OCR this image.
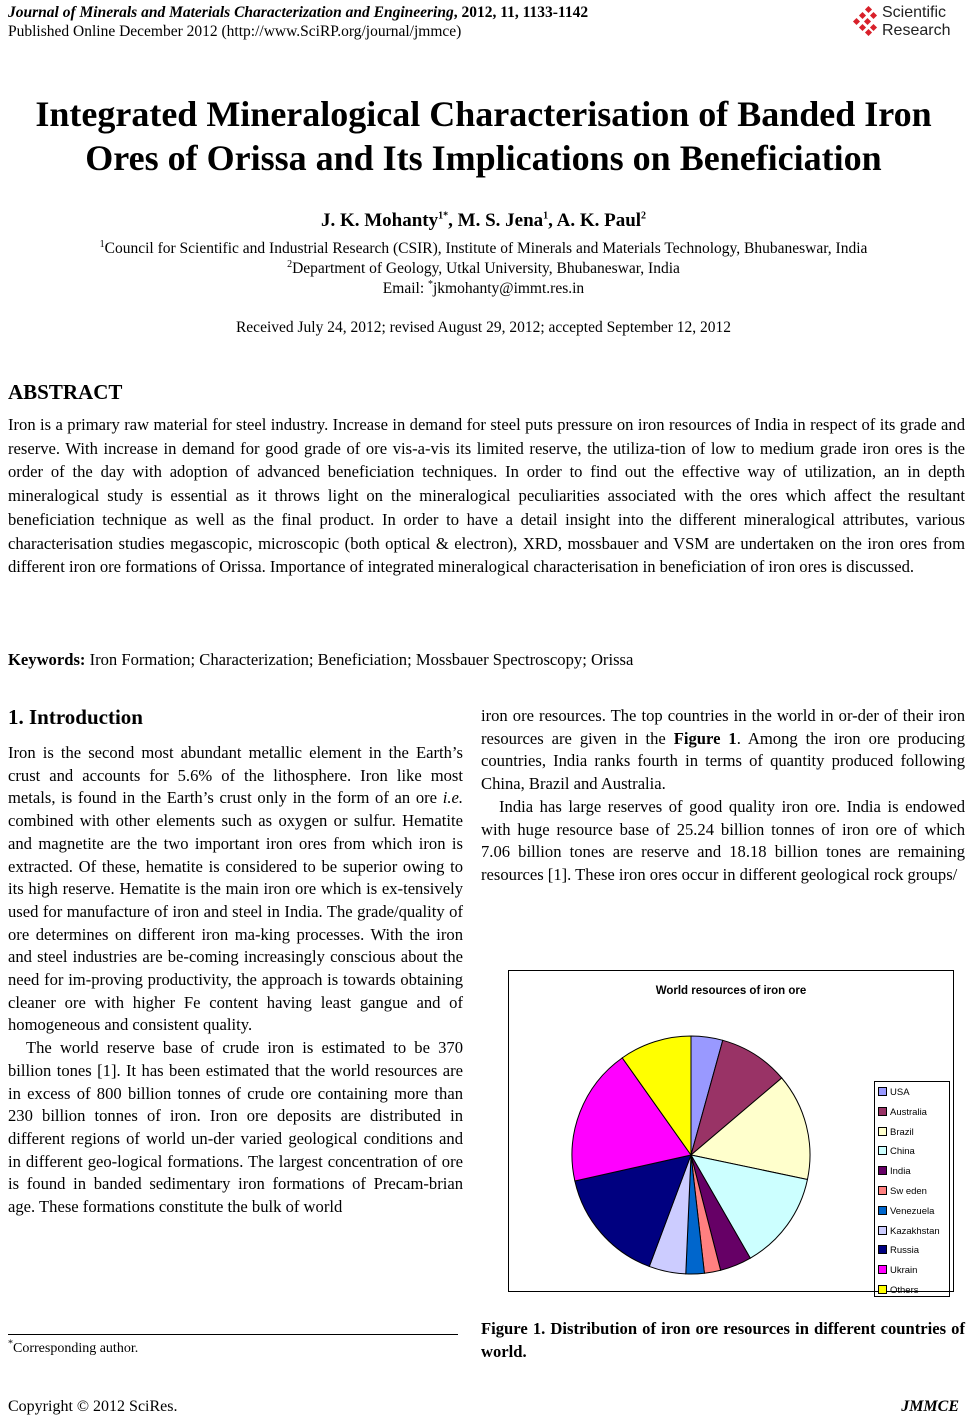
Journal of Minerals and Materials Characterization and Engineering, 2012, 11, 1133-1142
Published Online December 2012 (http://www.SciRP.org/journal/jmmce)
Scientific
Research
Integrated Mineralogical Characterisation of Banded Iron Ores of Orissa and Its Implications on Beneficiation
J. K. Mohanty$^{1*}$, M. S. Jena$^1$, A. K. Paul$^2$
$^1$Council for Scientific and Industrial Research (CSIR), Institute of Minerals and Materials Technology, Bhubaneswar, India
$^2$Department of Geology, Utkal University, Bhubaneswar, India
Email: *jkmohanty@immt.res.in
Received July 24, 2012; revised August 29, 2012; accepted September 12, 2012
ABSTRACT
Iron is a primary raw material for steel industry. Increase in demand for steel puts pressure on iron resources of India in respect of its grade and reserve. With increase in demand for good grade of ore vis-a-vis its limited reserve, the utiliza-tion of low to medium grade iron ores is the order of the day with adoption of advanced beneficiation techniques. In order to find out the effective way of utilization, an in depth mineralogical study is essential as it throws light on the mineralogical peculiarities associated with the ores which affect the resultant beneficiation technique as well as the final product. In order to have a detail insight into the different mineralogical attributes, various characterisation studies megascopic, microscopic (both optical & electron), XRD, mossbauer and VSM are undertaken on the iron ores from different iron ore formations of Orissa. Importance of integrated mineralogical characterisation in beneficiation of iron ores is discussed.
Keywords: Iron Formation; Characterization; Beneficiation; Mossbauer Spectroscopy; Orissa
1. Introduction
Iron is the second most abundant metallic element in the Earth’s crust and accounts for 5.6% of the lithosphere. Iron like most metals, is found in the Earth’s crust only in the form of an ore i.e. combined with other elements such as oxygen or sulfur. Hematite and magnetite are the two important iron ores from which iron is extracted. Of these, hematite is considered to be superior owing to its high reserve. Hematite is the main iron ore which is ex-tensively used for manufacture of iron and steel in India. The grade/quality of ore determines on different iron ma-king processes. With the iron and steel industries are be-coming increasingly conscious about the need for im-proving productivity, the approach is towards obtaining cleaner ore with higher Fe content having least gangue and of homogeneous and consistent quality.
The world reserve base of crude iron is estimated to be 370 billion tones [1]. It has been estimated that the world resources are in excess of 800 billion tonnes of crude ore containing more than 230 billion tonnes of iron. Iron ore deposits are distributed in different regions of world un-der varied geological conditions and in different geo-logical formations. The largest concentration of ore is found in banded sedimentary iron formations of Precam-brian age. These formations constitute the bulk of world
iron ore resources. The top countries in the world in or-der of their iron resources are given in the Figure 1. Among the iron ore producing countries, India ranks fourth in terms of quantity produced following China, Brazil and Australia.
India has large reserves of good quality iron ore. India is endowed with huge resource base of 25.24 billion tonnes of iron ore of which 7.06 billion tones are reserve and 18.18 billion tones are remaining resources [1]. These iron ores occur in different geological rock groups/
World resources of iron ore
USA
Australia
Brazil
China
India
Sw eden
Venezuela
Kazakhstan
Russia
Ukrain
Others
Figure 1. Distribution of iron ore resources in different countries of world.
*Corresponding author.
Copyright © 2012 SciRes.	JMMCE
